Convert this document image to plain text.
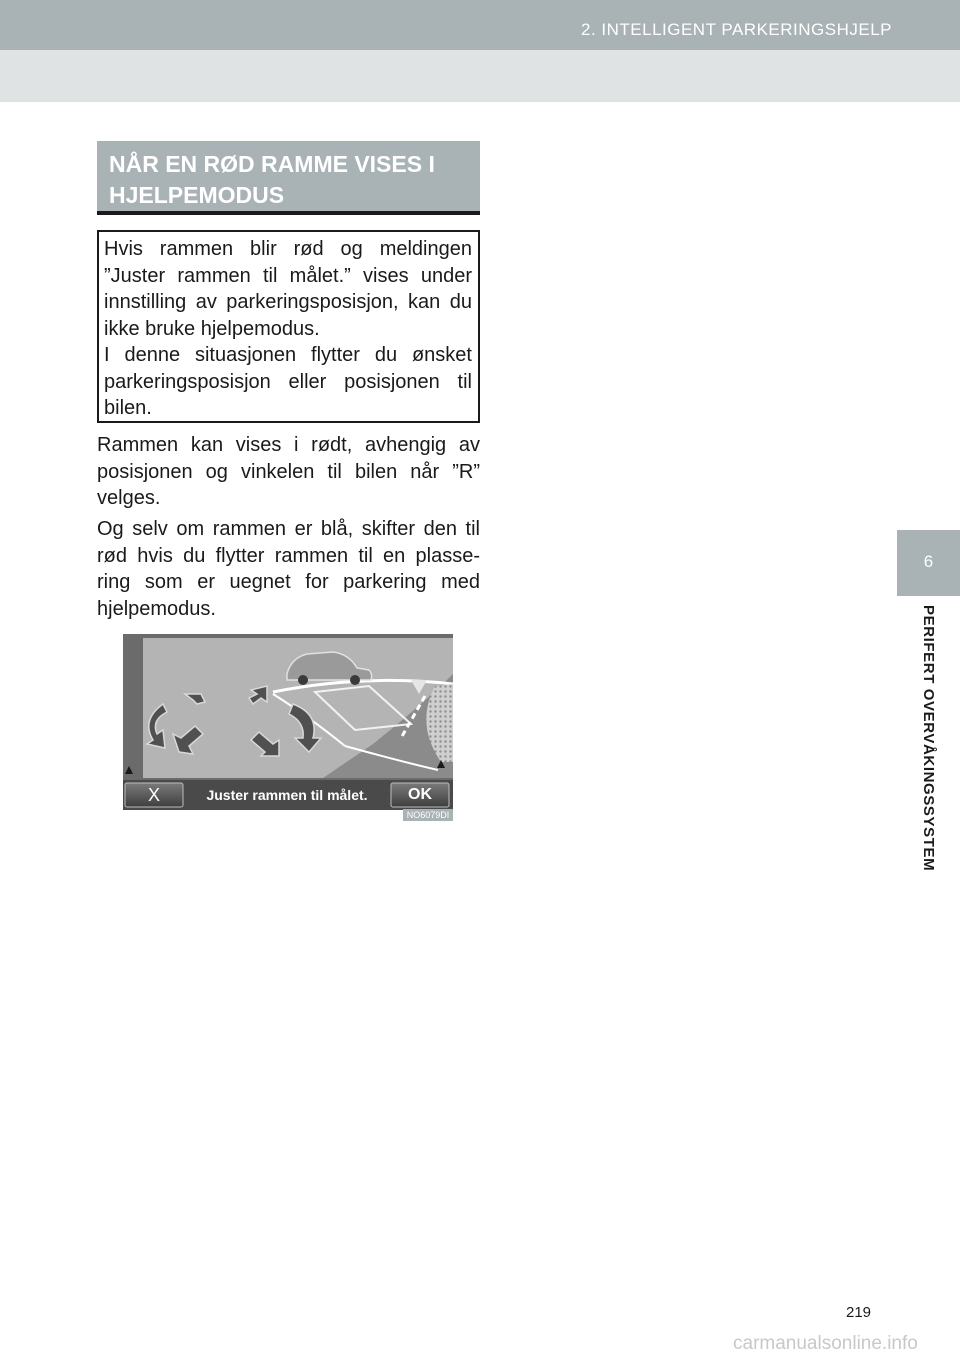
2. INTELLIGENT PARKERINGSHJELP
6
PERIFERT OVERVÅKINGSSYSTEM
NÅR EN RØD RAMME VISES I HJELPEMODUS

Hvis rammen blir rød og meldingen ”Juster rammen til målet.” vises under innstilling av parkeringsposisjon, kan du ikke bruke hjelpemodus.

I denne situasjonen flytter du ønsket parkeringsposisjon eller posisjonen til bilen.

Rammen kan vises i rødt, avhengig av posisjonen og vinkelen til bilen når ”R” velges.

Og selv om rammen er blå, skifter den til rød hvis du flytter rammen til en plasse-ring som er uegnet for parkering med hjelpemodus.

X	Juster rammen til målet.	OK
NO6079DI
219
carmanualsonline.info
